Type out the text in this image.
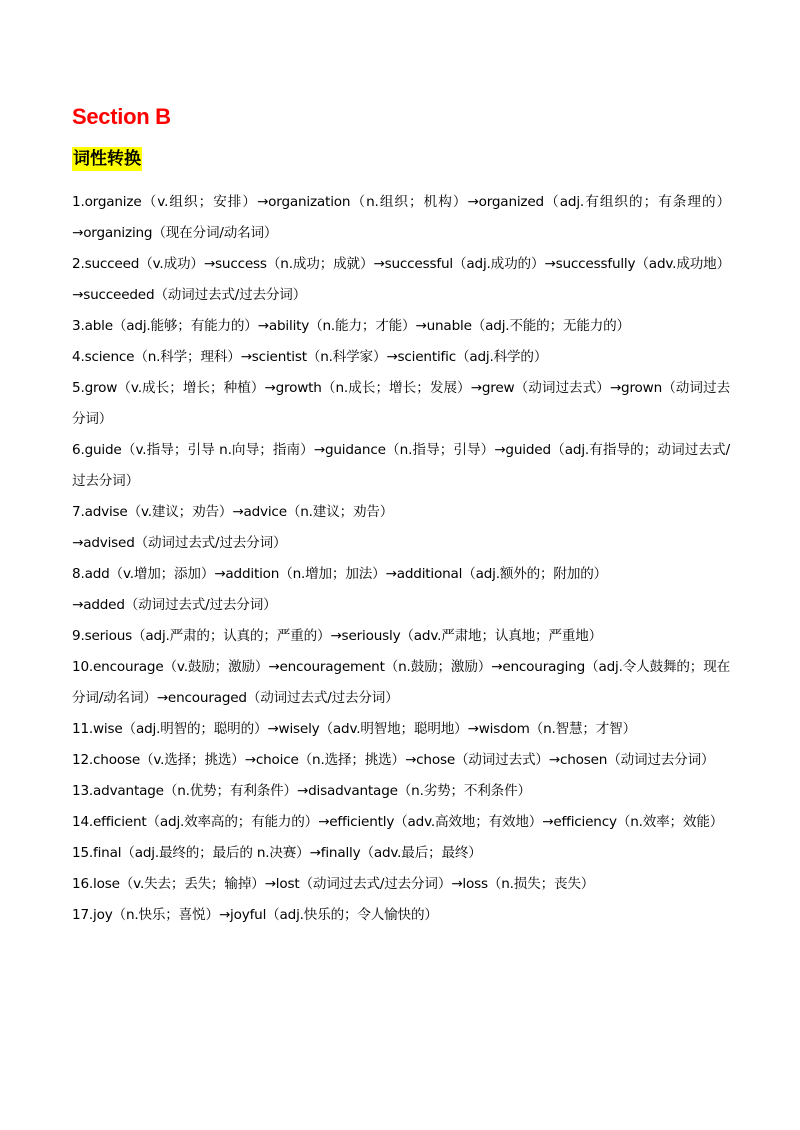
Section B
词性转换

1.organize（v.组织；安排）→organization（n.组织；机构）→organized（adj.有组织的；有条理的）→organizing（现在分词/动名词）

2.succeed（v.成功）→success（n.成功；成就）→successful（adj.成功的）→successfully（adv.成功地）→succeeded（动词过去式/过去分词）

3.able（adj.能够；有能力的）→ability（n.能力；才能）→unable（adj.不能的；无能力的）

4.science（n.科学；理科）→scientist（n.科学家）→scientific（adj.科学的）

5.grow（v.成长；增长；种植）→growth（n.成长；增长；发展）→grew（动词过去式）→grown（动词过去分词）

6.guide（v.指导；引导 n.向导；指南）→guidance（n.指导；引导）→guided（adj.有指导的；动词过去式/过去分词）

7.advise（v.建议；劝告）→advice（n.建议；劝告）

→advised（动词过去式/过去分词）

8.add（v.增加；添加）→addition（n.增加；加法）→additional（adj.额外的；附加的）

→added（动词过去式/过去分词）

9.serious（adj.严肃的；认真的；严重的）→seriously（adv.严肃地；认真地；严重地）

10.encourage（v.鼓励；激励）→encouragement（n.鼓励；激励）→encouraging（adj.令人鼓舞的；现在分词/动名词）→encouraged（动词过去式/过去分词）

11.wise（adj.明智的；聪明的）→wisely（adv.明智地；聪明地）→wisdom（n.智慧；才智）

12.choose（v.选择；挑选）→choice（n.选择；挑选）→chose（动词过去式）→chosen（动词过去分词）

13.advantage（n.优势；有利条件）→disadvantage（n.劣势；不利条件）

14.efficient（adj.效率高的；有能力的）→efficiently（adv.高效地；有效地）→efficiency（n.效率；效能）

15.final（adj.最终的；最后的 n.决赛）→finally（adv.最后；最终）

16.lose（v.失去；丢失；输掉）→lost（动词过去式/过去分词）→loss（n.损失；丧失）

17.joy（n.快乐；喜悦）→joyful（adj.快乐的；令人愉快的）
